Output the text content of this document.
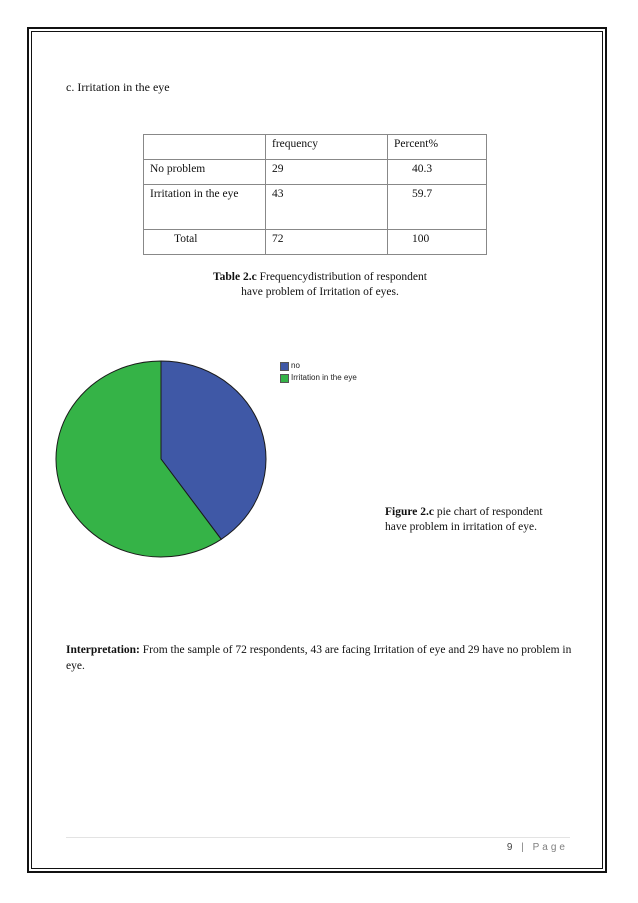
c. Irritation in the eye

	frequency	Percent%
No problem	29	40.3
Irritation in the eye	43	59.7
Total	72	100
Table 2.c Frequencydistribution of respondent
have problem of Irritation of eyes.
no
Irritation in the eye
Figure 2.c pie chart of respondent
have problem in irritation of eye.
Interpretation: From the sample of 72 respondents, 43 are facing Irritation of eye and 29 have no problem in eye.
9 | Page
